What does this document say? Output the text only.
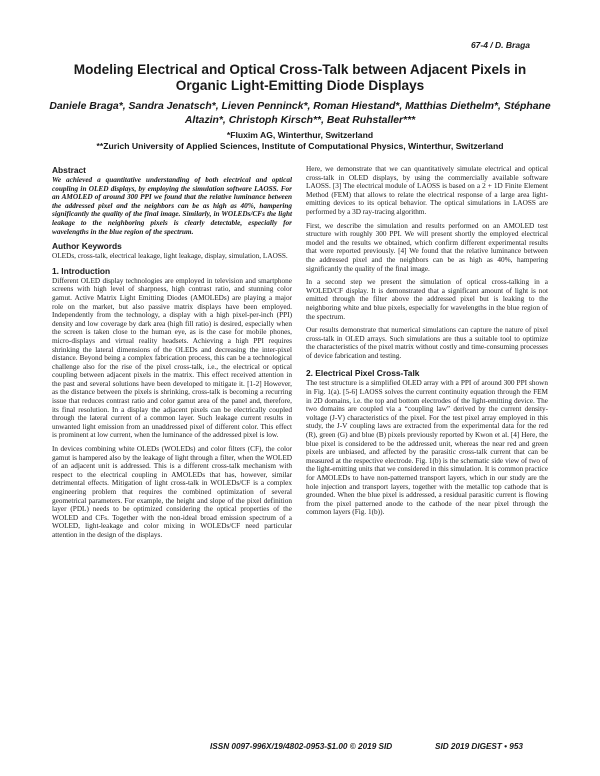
67-4 / D. Braga
Modeling Electrical and Optical Cross-Talk between Adjacent Pixels in Organic Light-Emitting Diode Displays
Daniele Braga*, Sandra Jenatsch*, Lieven Penninck*, Roman Hiestand*, Matthias Diethelm*, Stéphane Altazin*, Christoph Kirsch**, Beat Ruhstaller***
*Fluxim AG, Winterthur, Switzerland
**Zurich University of Applied Sciences, Institute of Computational Physics, Winterthur, Switzerland
Abstract

We achieved a quantitative understanding of both electrical and optical coupling in OLED displays, by employing the simulation software LAOSS. For an AMOLED of around 300 PPI we found that the relative luminance between the addressed pixel and the neighbors can be as high as 40%, hampering significantly the quality of the final image. Similarly, in WOLEDs/CFs the light leakage to the neighboring pixels is clearly detectable, especially for wavelengths in the blue region of the spectrum.

Author Keywords

OLEDs, cross-talk, electrical leakage, light leakage, display, simulation, LAOSS.

1. Introduction

Different OLED display technologies are employed in television and smartphone screens with high level of sharpness, high contrast ratio, and stunning color gamut. Active Matrix Light Emitting Diodes (AMOLEDs) are playing a major role on the market, but also passive matrix displays have been employed. Independently from the technology, a display with a high pixel-per-inch (PPI) density and low coverage by dark area (high fill ratio) is desired, especially when the screen is taken close to the human eye, as is the case for mobile phones, micro-displays and virtual reality headsets. Achieving a high PPI requires shrinking the lateral dimensions of the OLEDs and decreasing the inter-pixel distance. Beyond being a complex fabrication process, this can be a technological challenge also for the rise of the pixel cross-talk, i.e., the electrical or optical coupling between adjacent pixels in the matrix. This effect received attention in the past and several solutions have been developed to mitigate it. [1-2] However, as the distance between the pixels is shrinking, cross-talk is becoming a recurring issue that reduces contrast ratio and color gamut area of the panel and, therefore, its final resolution. In a display the adjacent pixels can be electrically coupled through the lateral current of a common layer. Such leakage current results in unwanted light emission from an unaddressed pixel of different color. This effect is prominent at low current, when the luminance of the addressed pixel is low.

In devices combining white OLEDs (WOLEDs) and color filters (CF), the color gamut is hampered also by the leakage of light through a filter, when the WOLED of an adjacent unit is addressed. This is a different cross-talk mechanism with respect to the electrical coupling in AMOLEDs that has, however, similar detrimental effects. Mitigation of light cross-talk in WOLEDs/CF is a complex engineering problem that requires the combined optimization of several geometrical parameters. For example, the height and slope of the pixel definition layer (PDL) needs to be optimized considering the optical properties of the WOLED and CFs. Together with the non-ideal broad emission spectrum of a WOLED, light-leakage and color mixing in WOLEDs/CF need particular attention in the design of the displays.

Here, we demonstrate that we can quantitatively simulate electrical and optical cross-talk in OLED displays, by using the commercially available software LAOSS. [3] The electrical module of LAOSS is based on a 2 + 1D Finite Element Method (FEM) that allows to relate the electrical response of a large area light-emitting devices to its optical behavior. The optical simulations in LAOSS are performed by a 3D ray-tracing algorithm.

First, we describe the simulation and results performed on an AMOLED test structure with roughly 300 PPI. We will present shortly the employed electrical model and the results we obtained, which confirm different experimental results that were reported previously. [4] We found that the relative luminance between the addressed pixel and the neighbors can be as high as 40%, hampering significantly the quality of the final image.

In a second step we present the simulation of optical cross-talking in a WOLED/CF display. It is demonstrated that a significant amount of light is not emitted through the filter above the addressed pixel but is leaking to the neighboring white and blue pixels, especially for wavelengths in the blue region of the spectrum.

Our results demonstrate that numerical simulations can capture the nature of pixel cross-talk in OLED arrays. Such simulations are thus a suitable tool to optimize the characteristics of the pixel matrix without costly and time-consuming processes of device fabrication and testing.

2. Electrical Pixel Cross-Talk

The test structure is a simplified OLED array with a PPI of around 300 PPI shown in Fig. 1(a). [5-6] LAOSS solves the current continuity equation through the FEM in 2D domains, i.e. the top and bottom electrodes of the light-emitting device. The two domains are coupled via a “coupling law” derived by the current density-voltage (J-V) characteristics of the pixel. For the test pixel array employed in this study, the J-V coupling laws are extracted from the experimental data for the red (R), green (G) and blue (B) pixels previously reported by Kwon et al. [4] Here, the blue pixel is considered to be the addressed unit, whereas the near red and green pixels are unbiased, and affected by the parasitic cross-talk current that can be measured at the respective electrode. Fig. 1(b) is the schematic side view of two of the light-emitting units that we considered in this simulation. It is common practice for AMOLEDs to have non-patterned transport layers, which in our study are the hole injection and transport layers, together with the metallic top cathode that is grounded. When the blue pixel is addressed, a residual parasitic current is flowing from the pixel patterned anode to the cathode of the near pixel through the common layers (Fig. 1(b)).

ISSN 0097-996X/19/4802-0953-$1.00 © 2019 SID	SID 2019 DIGEST • 953
